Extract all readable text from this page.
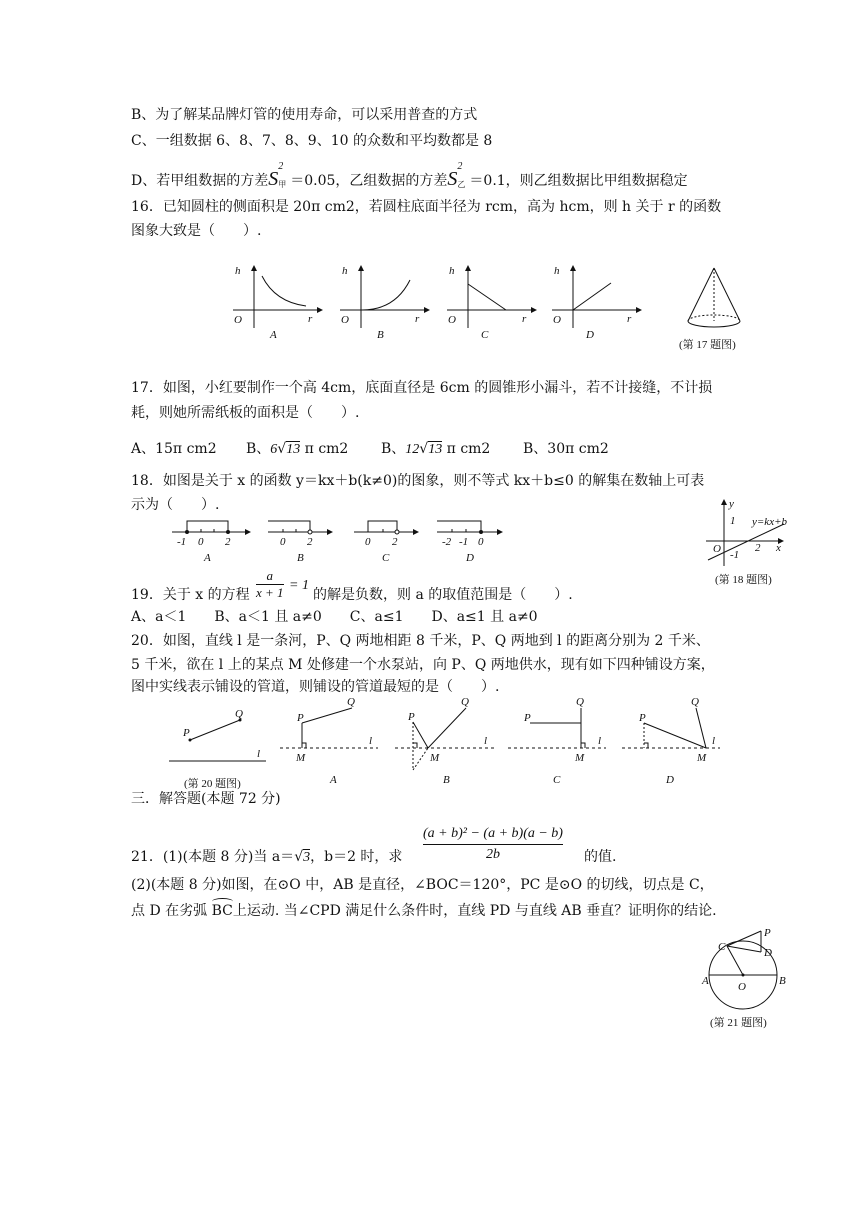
B、为了解某品牌灯管的使用寿命，可以采用普查的方式
C、一组数据 6、8、7、8、9、10 的众数和平均数都是 8
D、若甲组数据的方差S
2
甲 ＝0.05，乙组数据的方差S
2
乙 ＝0.1，则乙组数据比甲组数据稳定
16．已知圆柱的侧面积是 20π cm2，若圆柱底面半径为 rcm，高为 hcm，则 h 关于 r 的函数
图象大致是（　　）.
h
r
O
A
h
r
O
B
h
r
O
C
h
r
O
D
(第 17 题图)
17．如图，小红要制作一个高 4cm，底面直径是 6cm 的圆锥形小漏斗，若不计接缝，不计损
耗，则她所需纸板的面积是（　　）.
A、15π cm2 B、6√13 π cm2 B、12√13 π cm2 B、30π cm2
18．如图是关于 x 的函数 y＝kx＋b(k≠0)的图象，则不等式 kx＋b≤0 的解集在数轴上可表
示为（　　）.
-1 0 2
A
0 2
B
0 2
C
-2 -1 0
D
y
x
1
-1
2
O
y=kx+b
(第 18 题图)
19．关于 x 的方程 $\frac{a}{x + 1} = 1$
的解是负数，则 a 的取值范围是（　　）.
A、a＜1　　B、a＜1 且 a≠0　　C、a≤1　　D、a≤1 且 a≠0
20．如图，直线 l 是一条河，P、Q 两地相距 8 千米，P、Q 两地到 l 的距离分别为 2 千米、
5 千米，欲在 l 上的某点 M 处修建一个水泵站，向 P、Q 两地供水，现有如下四种铺设方案，
图中实线表示铺设的管道，则铺设的管道最短的是（　　）.
P
Q
l
P
Q
l
M
A
P
Q
l
M
B
P
Q
l
M
C
P
Q
l
M
D
(第 20 题图)
三．解答题(本题 72 分)
21．(1)(本题 8 分)当 a＝√3，b＝2 时，求 $\frac{\text{(a + b)² − (a + b)(a − b)}}{2b}$ 的值.
(2)(本题 8 分)如图，在⊙O 中，AB 是直径，∠BOC＝120°，PC 是⊙O 的切线，切点是 C，
点 D 在劣弧
BC上运动. 当∠CPD 满足什么条件时，直线 PD 与直线 AB 垂直？证明你的结论.
C
P
D
A	B
O
(第 21 题图)
